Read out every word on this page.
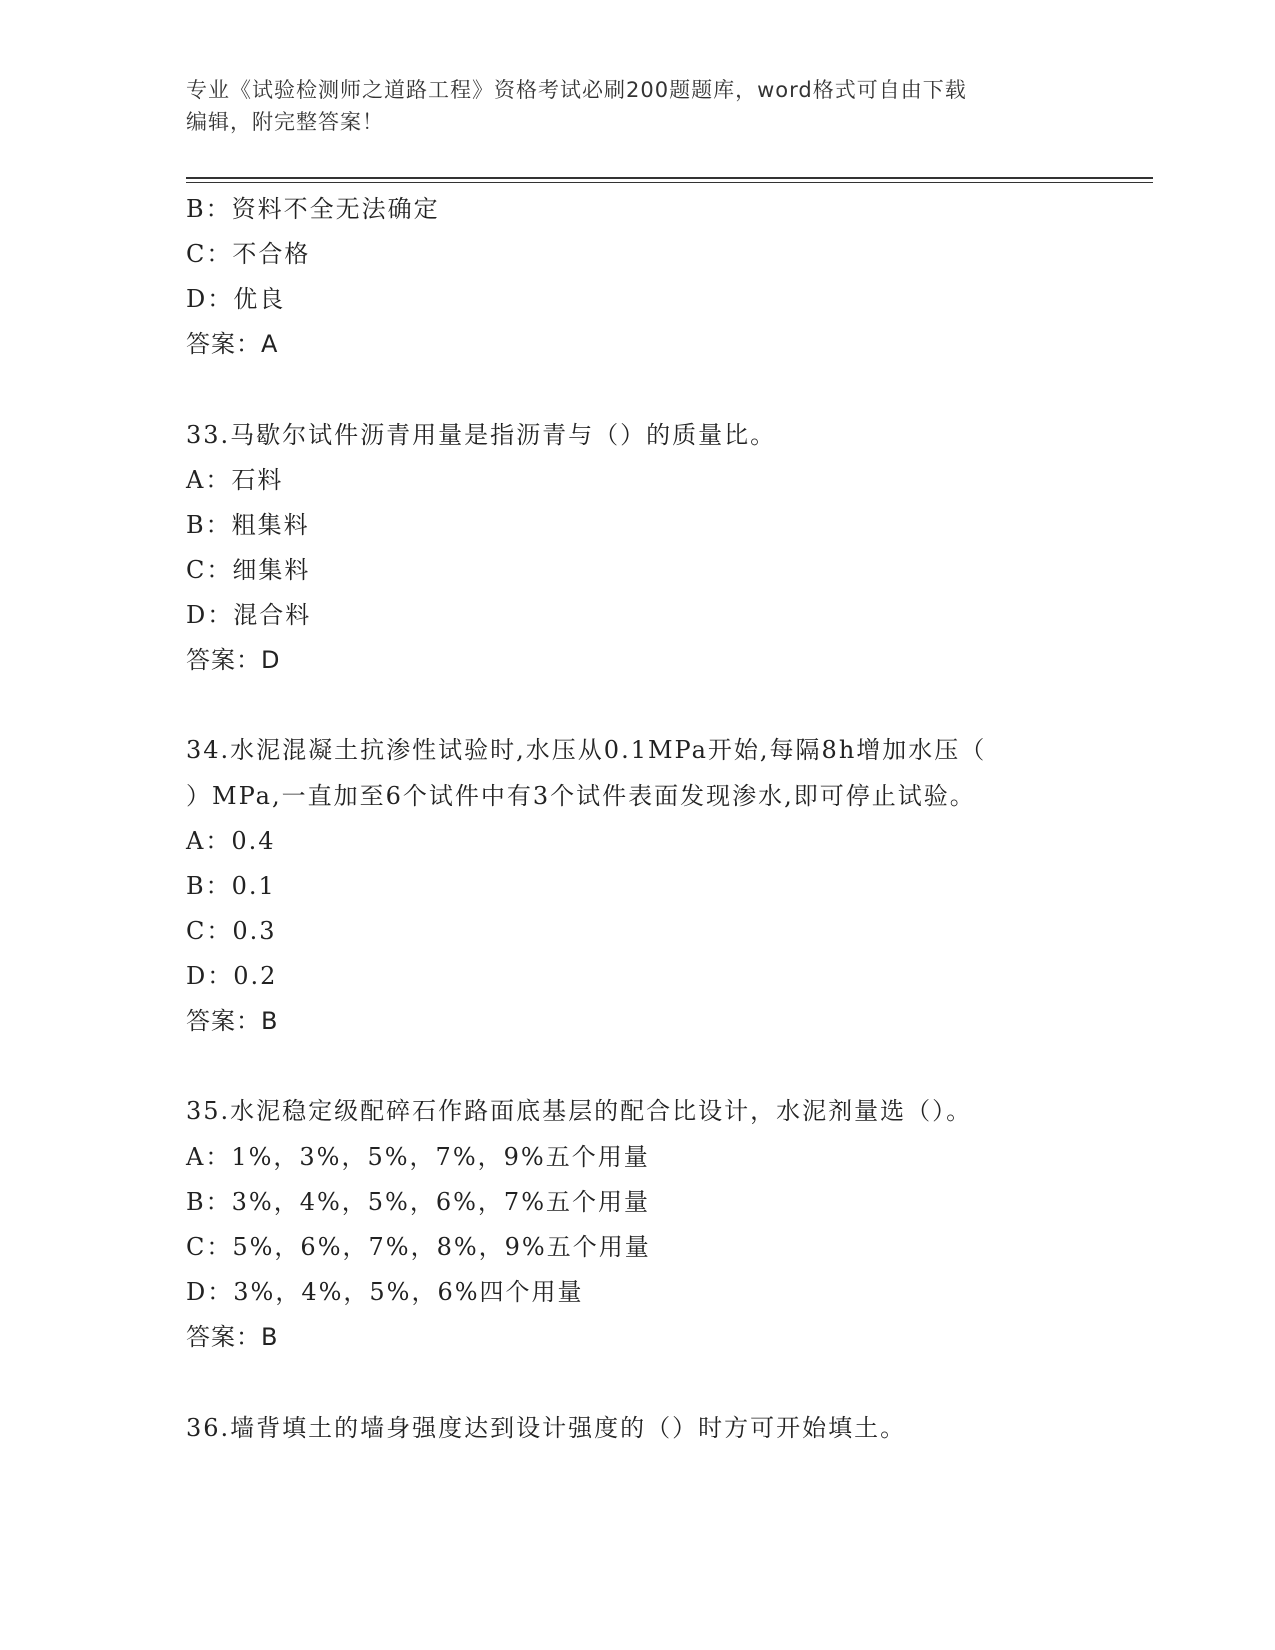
专业《试验检测师之道路工程》资格考试必刷200题题库，word格式可自由下载
编辑，附完整答案！
B：资料不全无法确定
C：不合格
D：优良
答案：A
33.马歇尔试件沥青用量是指沥青与（）的质量比。
A：石料
B：粗集料
C：细集料
D：混合料
答案：D
34.水泥混凝土抗渗性试验时,水压从0.1MPa开始,每隔8h增加水压（
）MPa,一直加至6个试件中有3个试件表面发现渗水,即可停止试验。
A：0.4
B：0.1
C：0.3
D：0.2
答案：B
35.水泥稳定级配碎石作路面底基层的配合比设计，水泥剂量选（）。
A：1%，3%，5%，7%，9%五个用量
B：3%，4%，5%，6%，7%五个用量
C：5%，6%，7%，8%，9%五个用量
D：3%，4%，5%，6%四个用量
答案：B
36.墙背填土的墙身强度达到设计强度的（）时方可开始填土。
